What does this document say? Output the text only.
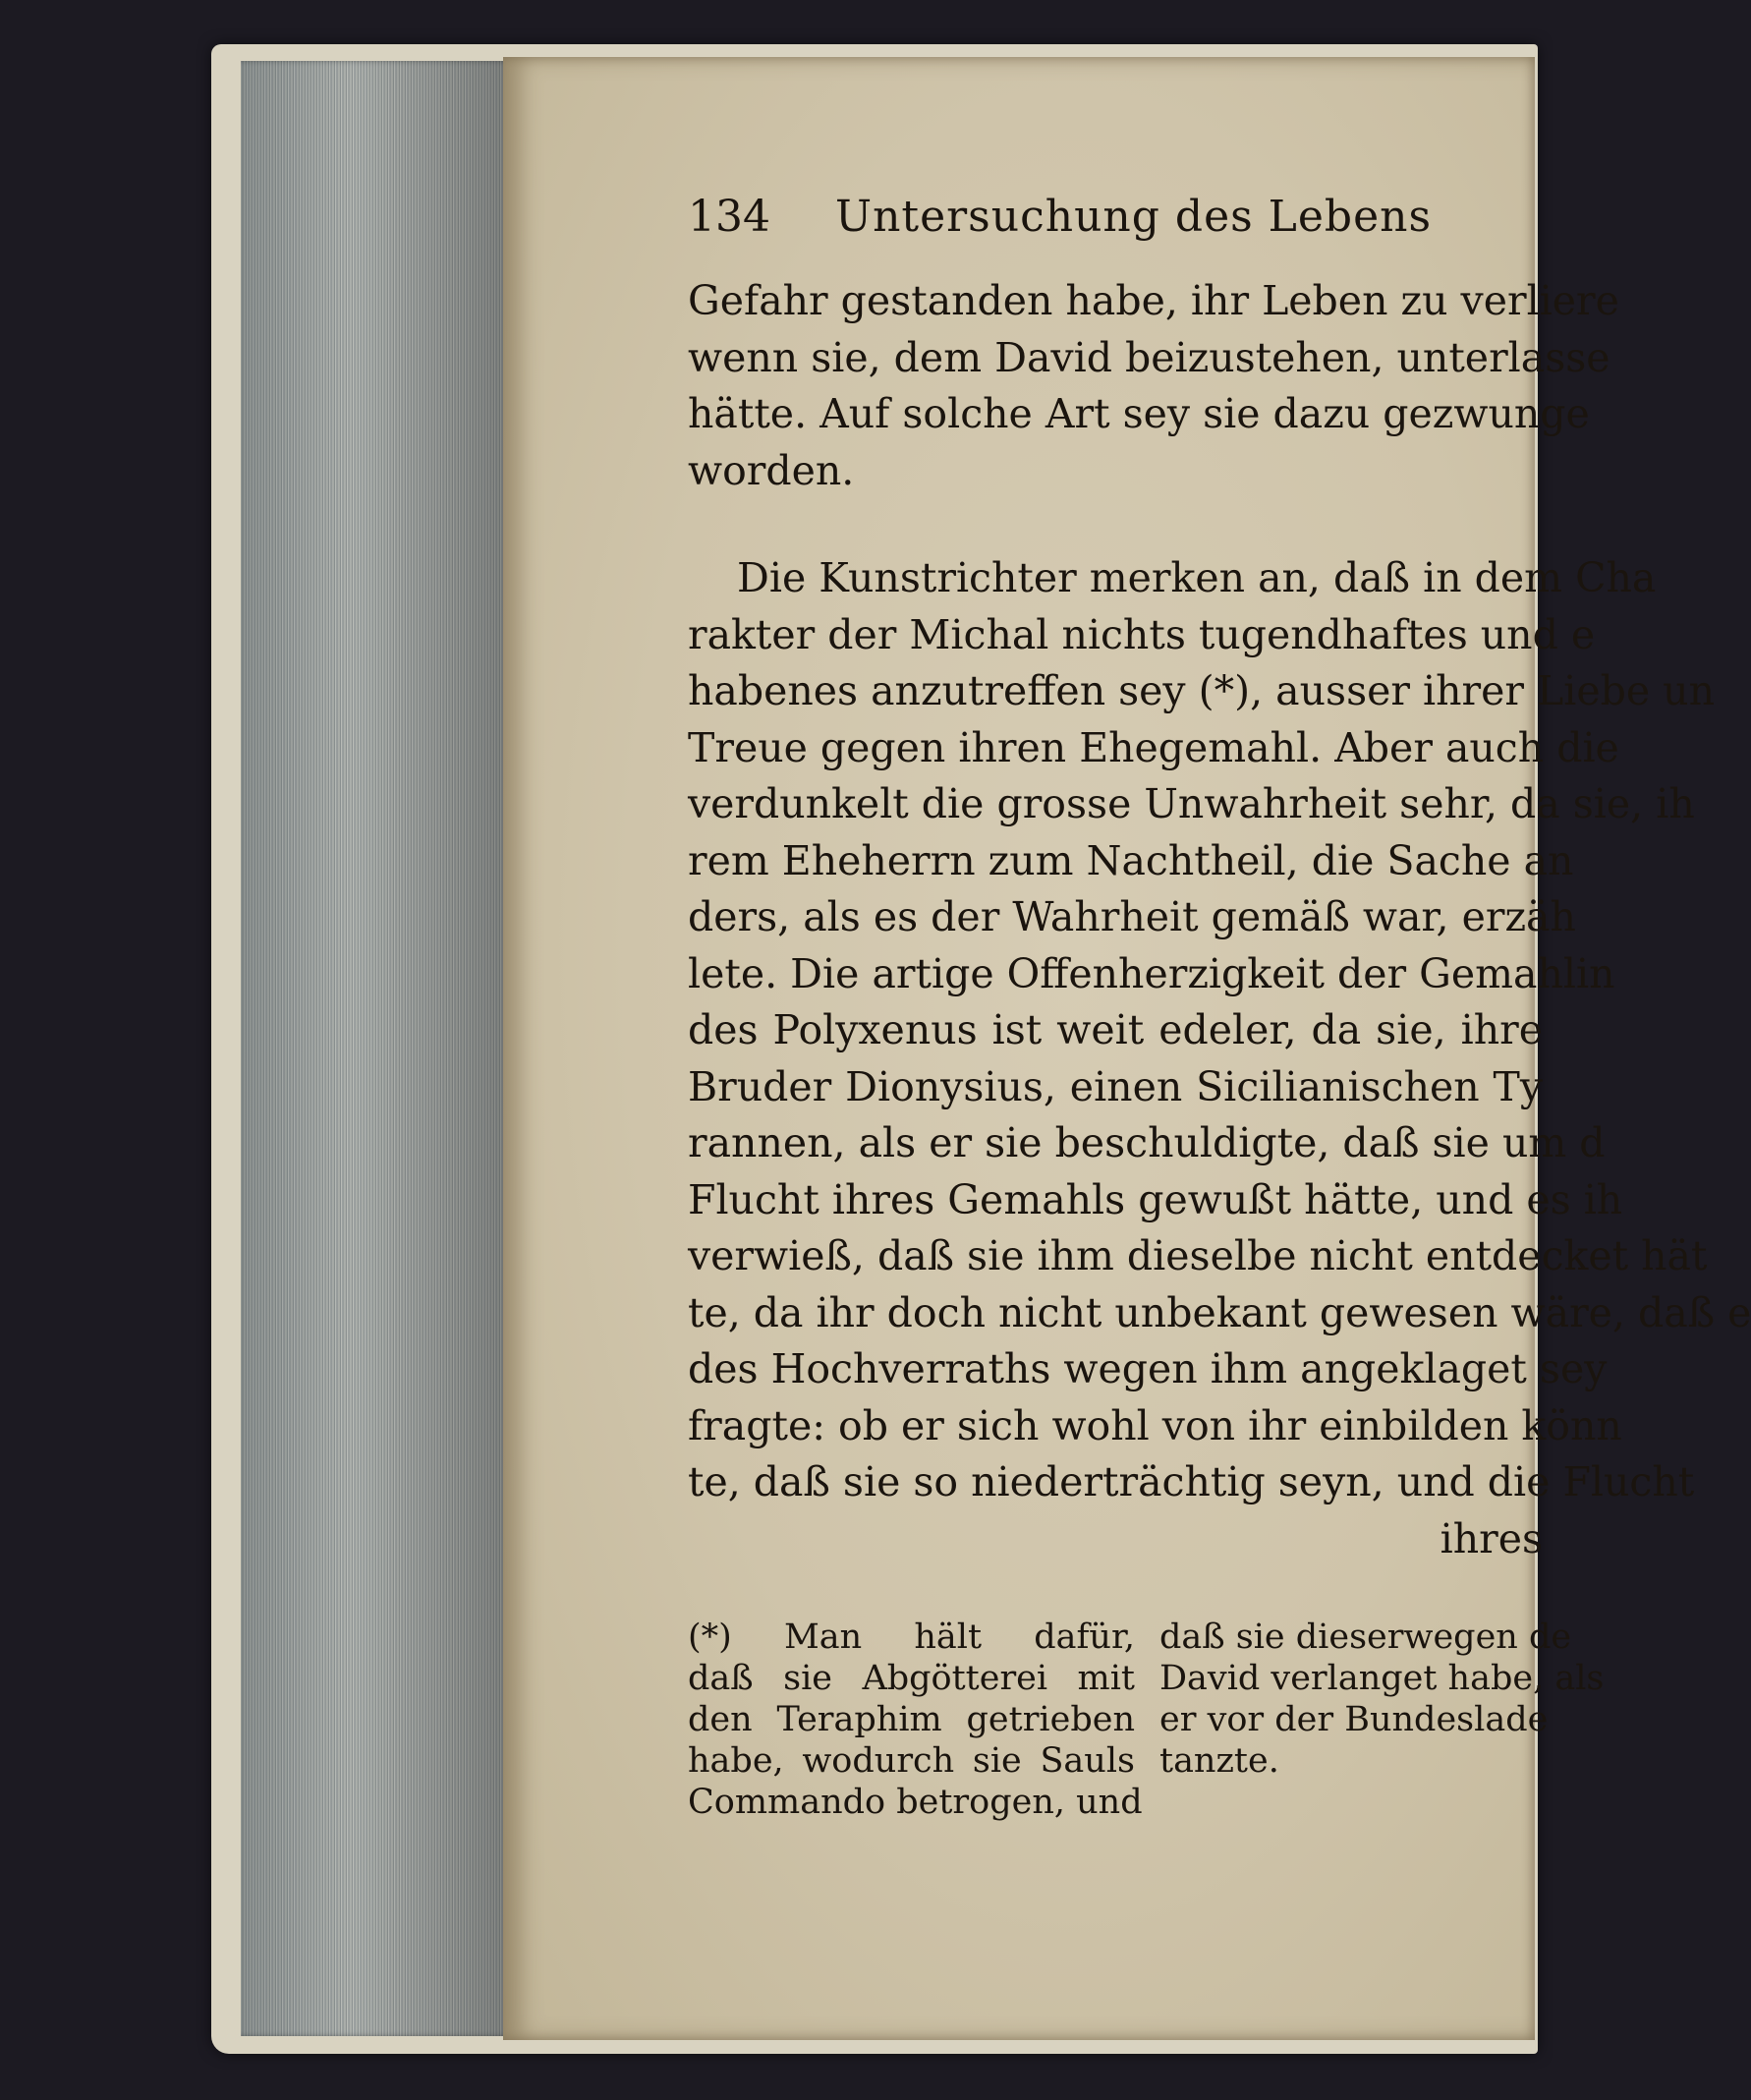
134 Untersuchung des Lebens
Gefahr gestanden habe, ihr Leben zu verliere
wenn sie, dem David beizustehen, unterlasse
hätte. Auf solche Art sey sie dazu gezwunge
worden.
Die Kunstrichter merken an, daß in dem Cha
rakter der Michal nichts tugendhaftes und e
habenes anzutreffen sey (*), ausser ihrer Liebe un
Treue gegen ihren Ehegemahl. Aber auch die
verdunkelt die grosse Unwahrheit sehr, da sie, ih
rem Eheherrn zum Nachtheil, die Sache an
ders, als es der Wahrheit gemäß war, erzäh
lete. Die artige Offenherzigkeit der Gemahlin
des Polyxenus ist weit edeler, da sie, ihre
Bruder Dionysius, einen Sicilianischen Ty
rannen, als er sie beschuldigte, daß sie um d
Flucht ihres Gemahls gewußt hätte, und es ih
verwieß, daß sie ihm dieselbe nicht entdecket hät
te, da ihr doch nicht unbekant gewesen wäre, daß e
des Hochverraths wegen ihm angeklaget sey
fragte: ob er sich wohl von ihr einbilden könn
te, daß sie so niederträchtig seyn, und die Flucht
ihres
(*) Man hält dafür,
daß sie Abgötterei mit
den Teraphim getrieben
habe, wodurch sie Sauls
Commando betrogen, und
daß sie dieserwegen de
David verlanget habe, als
er vor der Bundeslade
tanzte.
